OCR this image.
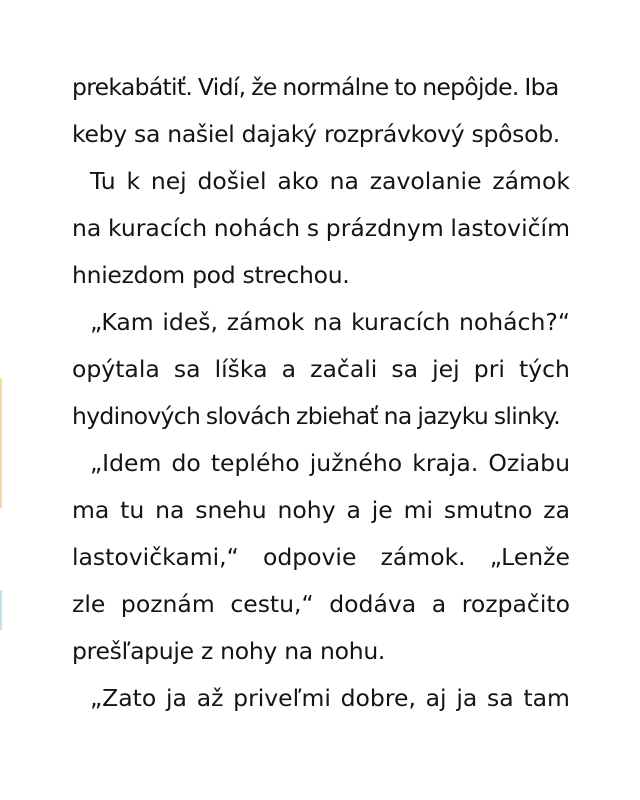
prekabátiť. Vidí, že normálne to nepôjde. Iba
keby sa našiel dajaký rozprávkový spôsob.
Tu k nej došiel ako na zavolanie zámok
na kuracích nohách s prázdnym lastovičím
hniezdom pod strechou.
„Kam ideš, zámok na kuracích nohách?“
opýtala sa líška a začali sa jej pri tých
hydinových slovách zbiehať na jazyku slinky.
„Idem do teplého južného kraja. Oziabu
ma tu na snehu nohy a je mi smutno za
lastovičkami,“ odpovie zámok. „Lenže
zle poznám cestu,“ dodáva a rozpačito
prešľapuje z nohy na nohu.
„Zato ja až priveľmi dobre, aj ja sa tam
